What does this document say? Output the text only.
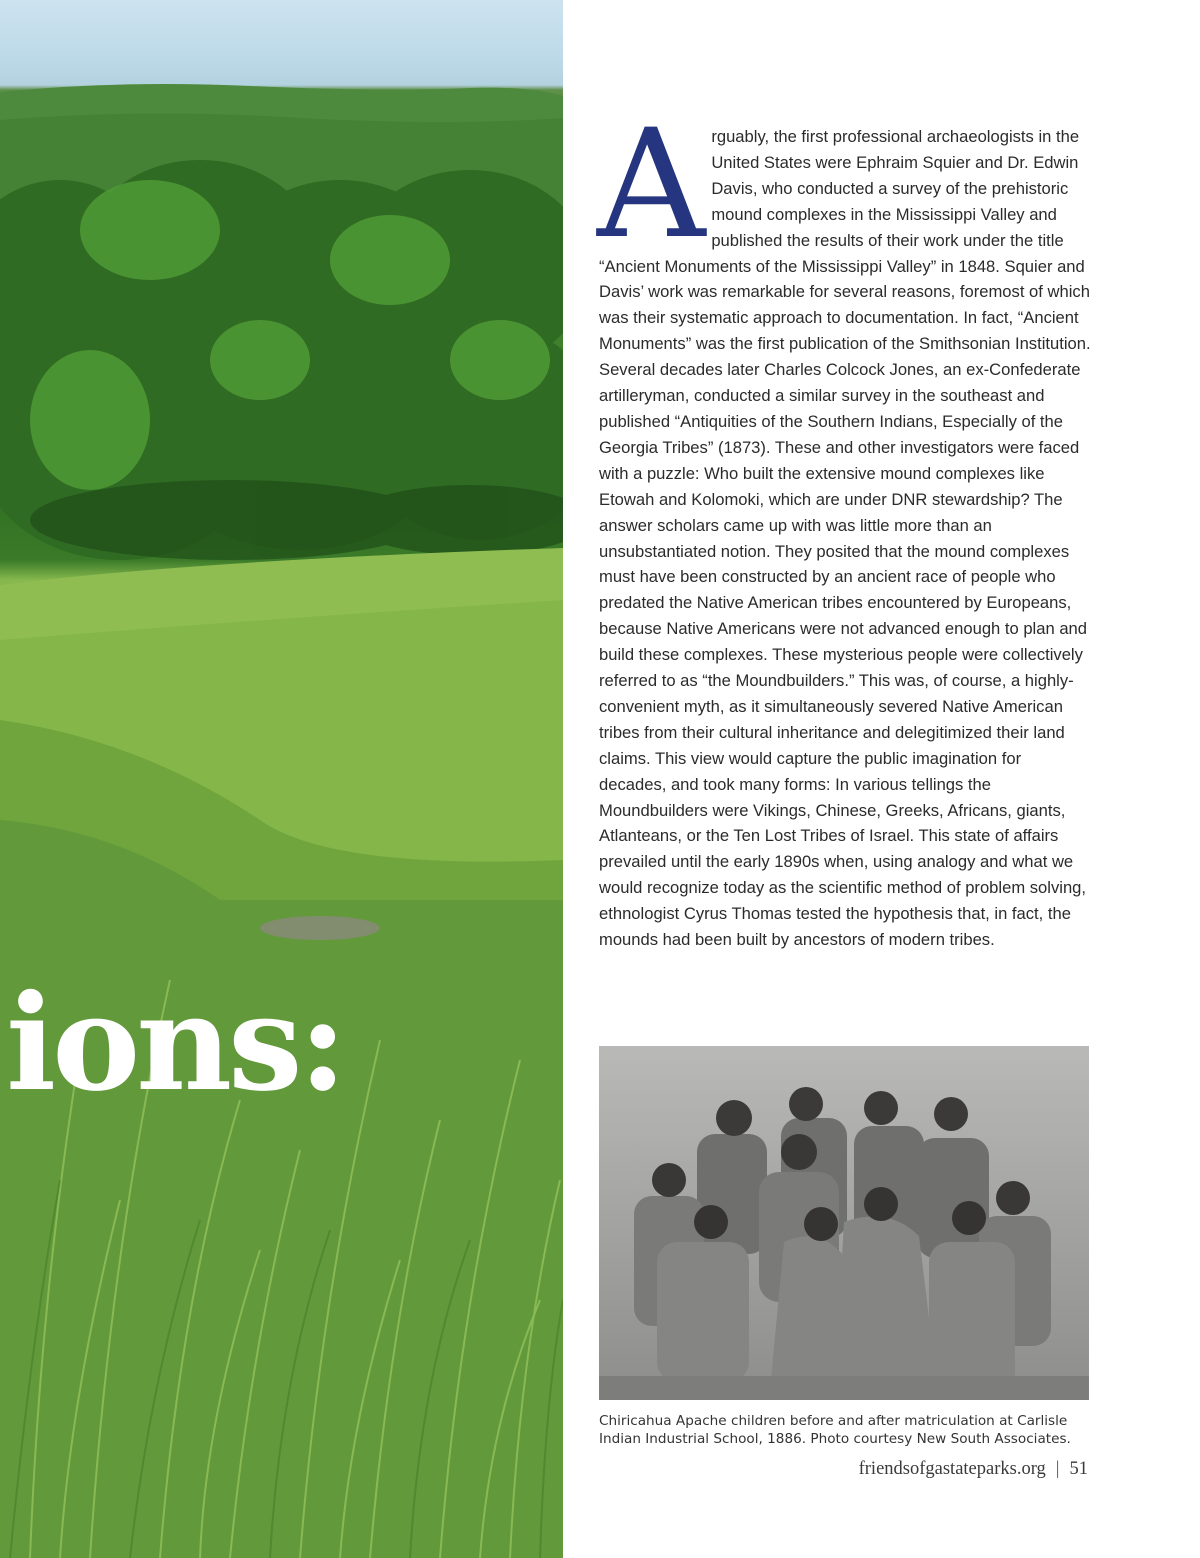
ions:

A rguably, the first professional archaeologists in the United States were Ephraim Squier and Dr. Edwin Davis, who conducted a survey of the prehistoric mound complexes in the Mississippi Valley and published the results of their work under the title “Ancient Monuments of the Mississippi Valley” in 1848. Squier and Davis’ work was remarkable for several reasons, foremost of which was their systematic approach to documentation. In fact, “Ancient Monuments” was the first publication of the Smithsonian Institution. Several decades later Charles Colcock Jones, an ex-Confederate artilleryman, conducted a similar survey in the southeast and published “Antiquities of the Southern Indians, Especially of the Georgia Tribes” (1873). These and other investigators were faced with a puzzle: Who built the extensive mound complexes like Etowah and Kolomoki, which are under DNR stewardship? The answer scholars came up with was little more than an unsubstantiated notion. They posited that the mound complexes must have been constructed by an ancient race of people who predated the Native American tribes encountered by Europeans, because Native Americans were not advanced enough to plan and build these complexes. These mysterious people were collectively referred to as “the Moundbuilders.” This was, of course, a highly-convenient myth, as it simultaneously severed Native American tribes from their cultural inheritance and delegitimized their land claims. This view would capture the public imagination for decades, and took many forms: In various tellings the Moundbuilders were Vikings, Chinese, Greeks, Africans, giants, Atlanteans, or the Ten Lost Tribes of Israel. This state of affairs prevailed until the early 1890s when, using analogy and what we would recognize today as the scientific method of problem solving, ethnologist Cyrus Thomas tested the hypothesis that, in fact, the mounds had been built by ancestors of modern tribes.

Chiricahua Apache children before and after matriculation at Carlisle Indian Industrial School, 1886. Photo courtesy New South Associates.

friendsofgastateparks.org | 51
